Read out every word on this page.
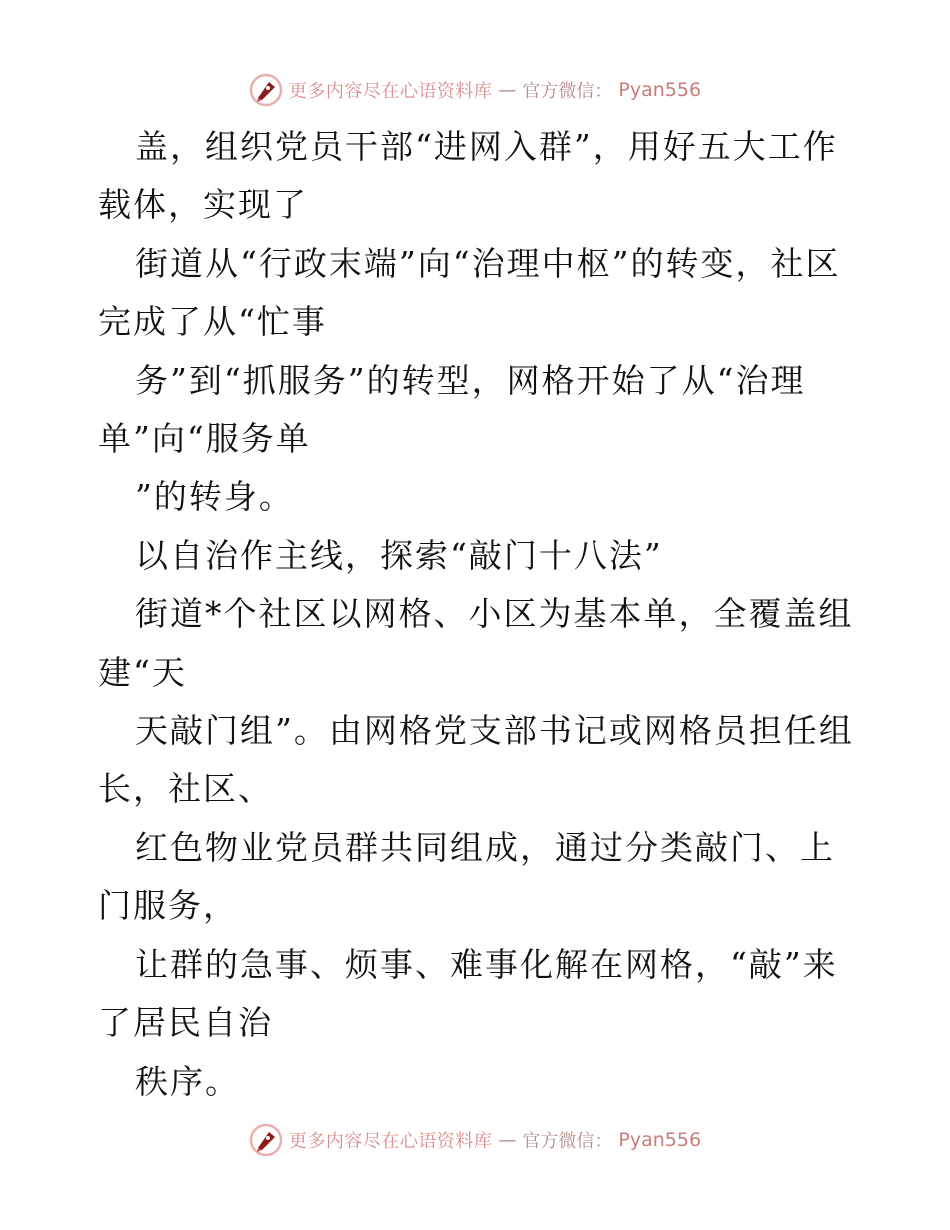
更多内容尽在心语资料库 — 官方微信： Pyan556

盖，组织党员干部“进网入群”，用好五大工作载体，实现了

街道从“行政末端”向“治理中枢”的转变，社区完成了从“忙事

务”到“抓服务”的转型，网格开始了从“治理单”向“服务单

”的转身。

以自治作主线，探索“敲门十八法”

街道*个社区以网格、小区为基本单，全覆盖组建“天

天敲门组”。由网格党支部书记或网格员担任组长，社区、

红色物业党员群共同组成，通过分类敲门、上门服务，

让群的急事、烦事、难事化解在网格，“敲”来了居民自治

秩序。

更多内容尽在心语资料库 — 官方微信： Pyan556
